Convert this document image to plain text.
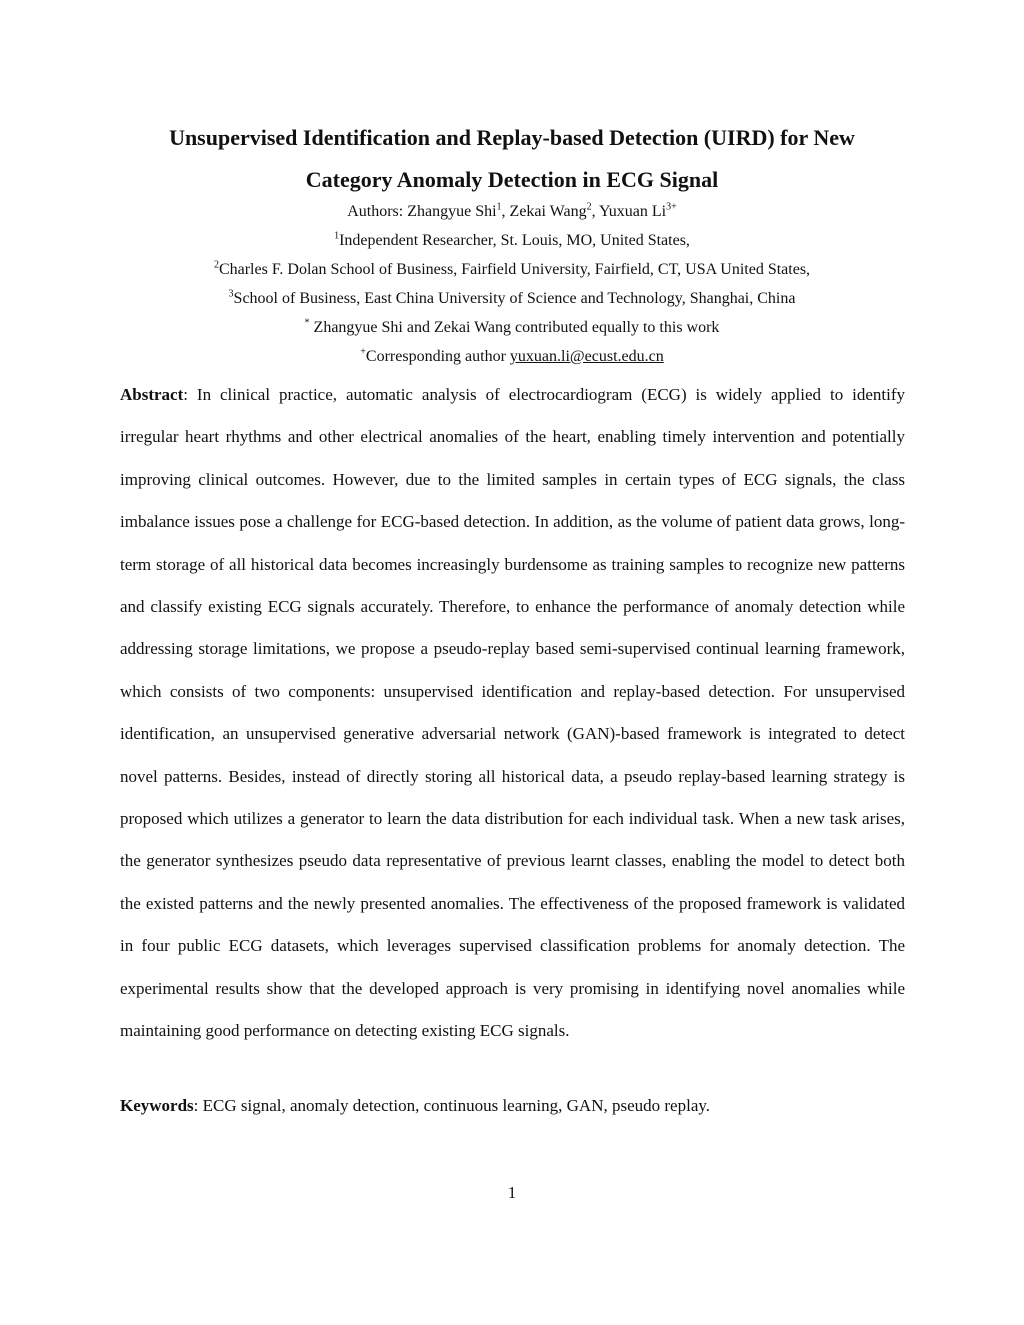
Unsupervised Identification and Replay-based Detection (UIRD) for New
Category Anomaly Detection in ECG Signal

Authors: Zhangyue Shi$^1$, Zekai Wang$^2$, Yuxuan $Li^{3+}$

$^1$Independent Researcher, St. Louis, MO, United States,

$^2$Charles F. Dolan School of Business, Fairfield University, Fairfield, CT, USA United States,

$^3$School of Business, East China University of Science and Technology, Shanghai, China

* Zhangyue Shi and Zekai Wang contributed equally to this work

+Corresponding author yuxuan.li@ecust.edu.cn

Abstract: In clinical practice, automatic analysis of electrocardiogram (ECG) is widely applied to identify irregular heart rhythms and other electrical anomalies of the heart, enabling timely intervention and potentially improving clinical outcomes. However, due to the limited samples in certain types of ECG signals, the class imbalance issues pose a challenge for ECG-based detection. In addition, as the volume of patient data grows, long-term storage of all historical data becomes increasingly burdensome as training samples to recognize new patterns and classify existing ECG signals accurately. Therefore, to enhance the performance of anomaly detection while addressing storage limitations, we propose a pseudo-replay based semi-supervised continual learning framework, which consists of two components: unsupervised identification and replay-based detection. For unsupervised identification, an unsupervised generative adversarial network (GAN)-based framework is integrated to detect novel patterns. Besides, instead of directly storing all historical data, a pseudo replay-based learning strategy is proposed which utilizes a generator to learn the data distribution for each individual task. When a new task arises, the generator synthesizes pseudo data representative of previous learnt classes, enabling the model to detect both the existed patterns and the newly presented anomalies. The effectiveness of the proposed framework is validated in four public ECG datasets, which leverages supervised classification problems for anomaly detection. The experimental results show that the developed approach is very promising in identifying novel anomalies while maintaining good performance on detecting existing ECG signals.

Keywords: ECG signal, anomaly detection, continuous learning, GAN, pseudo replay.

1
